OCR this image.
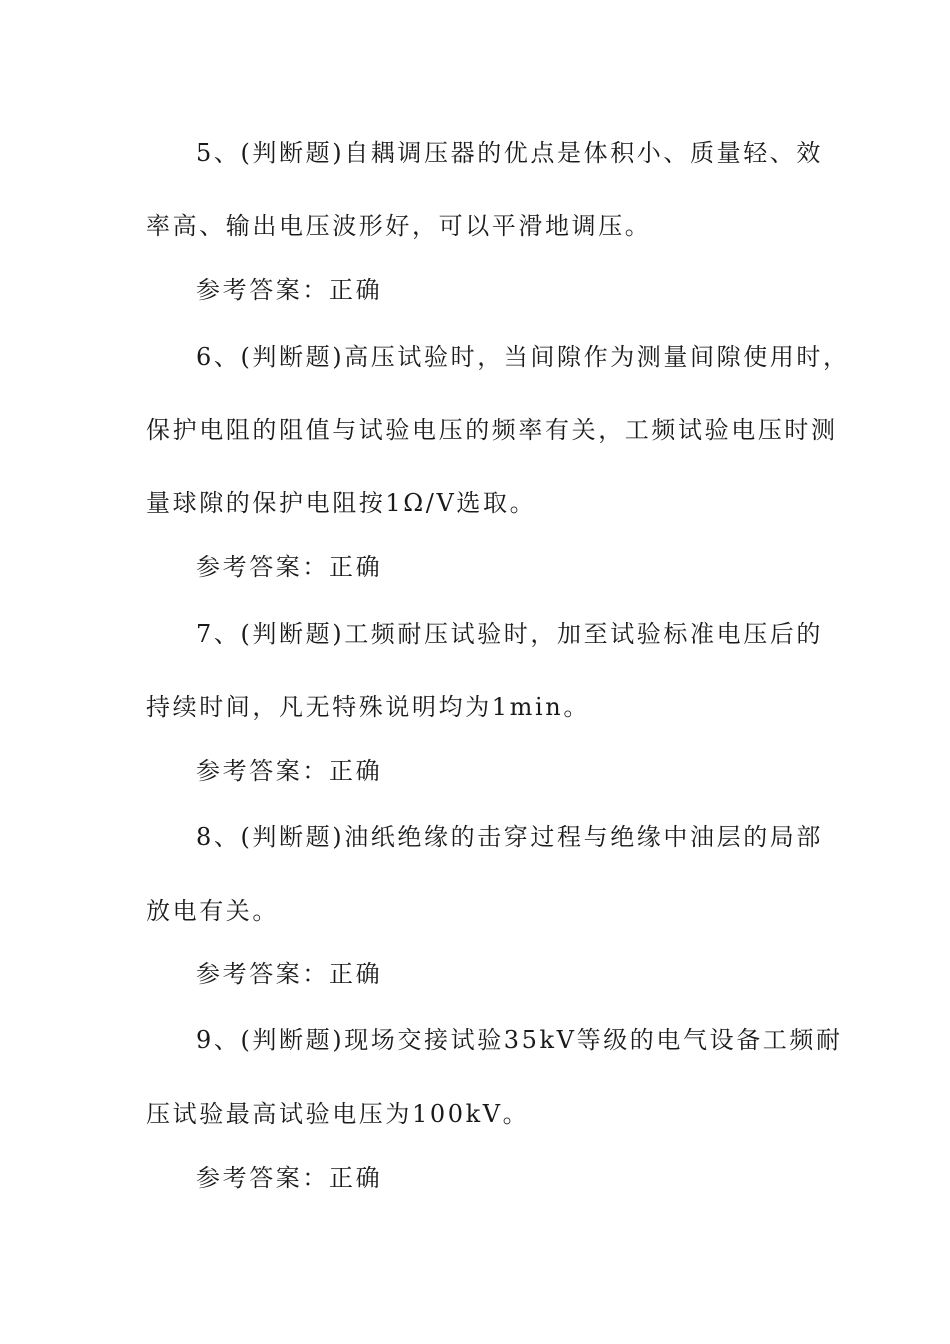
5、(判断题)自耦调压器的优点是体积小、质量轻、效
率高、输出电压波形好，可以平滑地调压。
参考答案：正确
6、(判断题)高压试验时，当间隙作为测量间隙使用时，
保护电阻的阻值与试验电压的频率有关，工频试验电压时测
量球隙的保护电阻按1Ω/V选取。
参考答案：正确
7、(判断题)工频耐压试验时，加至试验标准电压后的
持续时间，凡无特殊说明均为1min。
参考答案：正确
8、(判断题)油纸绝缘的击穿过程与绝缘中油层的局部
放电有关。
参考答案：正确
9、(判断题)现场交接试验35kV等级的电气设备工频耐
压试验最高试验电压为100kV。
参考答案：正确
